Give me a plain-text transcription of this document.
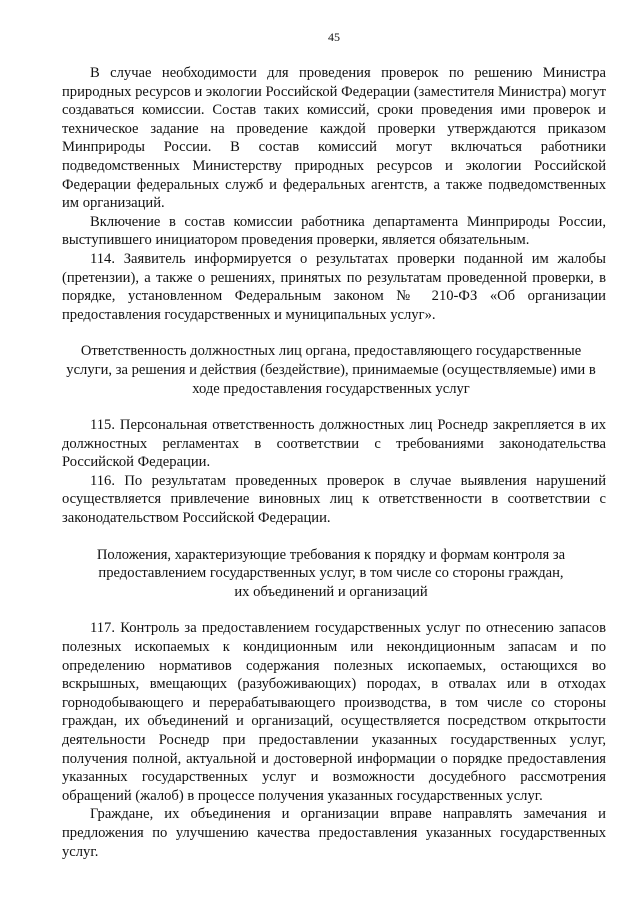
45

В случае необходимости для проведения проверок по решению Министра природных ресурсов и экологии Российской Федерации (заместителя Министра) могут создаваться комиссии. Состав таких комиссий, сроки проведения ими проверок и техническое задание на проведение каждой проверки утверждаются приказом Минприроды России. В состав комиссий могут включаться работники подведомственных Министерству природных ресурсов и экологии Российской Федерации федеральных служб и федеральных агентств, а также подведомственных им организаций.

Включение в состав комиссии работника департамента Минприроды России, выступившего инициатором проведения проверки, является обязательным.

114. Заявитель информируется о результатах проверки поданной им жалобы (претензии), а также о решениях, принятых по результатам проведенной проверки, в порядке, установленном Федеральным законом № 210-ФЗ «Об организации предоставления государственных и муниципальных услуг».

Ответственность должностных лиц органа, предоставляющего государственные
услуги, за решения и действия (бездействие), принимаемые (осуществляемые) ими в
ходе предоставления государственных услуг

115. Персональная ответственность должностных лиц Роснедр закрепляется в их должностных регламентах в соответствии с требованиями законодательства Российской Федерации.

116. По результатам проведенных проверок в случае выявления нарушений осуществляется привлечение виновных лиц к ответственности в соответствии с законодательством Российской Федерации.

Положения, характеризующие требования к порядку и формам контроля за
предоставлением государственных услуг, в том числе со стороны граждан,
их объединений и организаций

117. Контроль за предоставлением государственных услуг по отнесению запасов полезных ископаемых к кондиционным или некондиционным запасам и по определению нормативов содержания полезных ископаемых, остающихся во вскрышных, вмещающих (разубоживающих) породах, в отвалах или в отходах горнодобывающего и перерабатывающего производства, в том числе со стороны граждан, их объединений и организаций, осуществляется посредством открытости деятельности Роснедр при предоставлении указанных государственных услуг, получения полной, актуальной и достоверной информации о порядке предоставления указанных государственных услуг и возможности досудебного рассмотрения обращений (жалоб) в процессе получения указанных государственных услуг.

Граждане, их объединения и организации вправе направлять замечания и предложения по улучшению качества предоставления указанных государственных услуг.
